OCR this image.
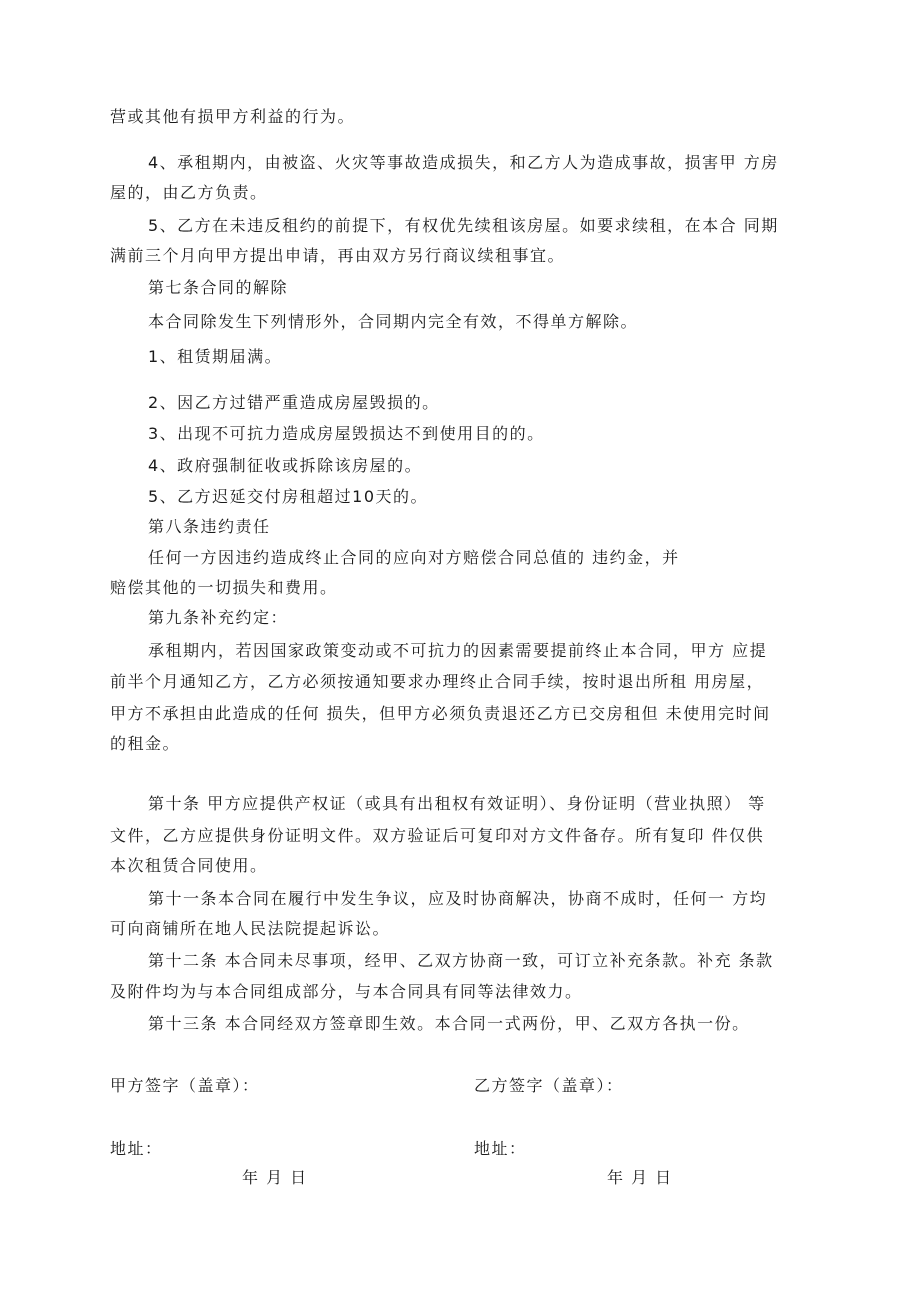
营或其他有损甲方利益的行为。

4、承租期内，由被盗、火灾等事故造成损失，和乙方人为造成事故，损害甲 方房

屋的，由乙方负责。

5、乙方在未违反租约的前提下，有权优先续租该房屋。如要求续租，在本合 同期

满前三个月向甲方提出申请，再由双方另行商议续租事宜。

第七条合同的解除

本合同除发生下列情形外，合同期内完全有效，不得单方解除。

1、租赁期届满。

2、因乙方过错严重造成房屋毁损的。

3、出现不可抗力造成房屋毁损达不到使用目的的。

4、政府强制征收或拆除该房屋的。

5、乙方迟延交付房租超过10天的。

第八条违约责任

任何一方因违约造成终止合同的应向对方赔偿合同总值的 违约金，并

赔偿其他的一切损失和费用。

第九条补充约定：

承租期内，若因国家政策变动或不可抗力的因素需要提前终止本合同，甲方 应提

前半个月通知乙方，乙方必须按通知要求办理终止合同手续，按时退出所租 用房屋，

甲方不承担由此造成的任何 损失，但甲方必须负责退还乙方已交房租但 未使用完时间

的租金。

第十条 甲方应提供产权证（或具有出租权有效证明）、身份证明（营业执照） 等

文件，乙方应提供身份证明文件。双方验证后可复印对方文件备存。所有复印 件仅供

本次租赁合同使用。

第十一条本合同在履行中发生争议，应及时协商解决，协商不成时，任何一 方均

可向商铺所在地人民法院提起诉讼。

第十二条 本合同未尽事项，经甲、乙双方协商一致，可订立补充条款。补充 条款

及附件均为与本合同组成部分，与本合同具有同等法律效力。

第十三条 本合同经双方签章即生效。本合同一式两份，甲、乙双方各执一份。

甲方签字（盖章）：	乙方签字（盖章）：

地址：	地址：

年 月 日	年 月 日
